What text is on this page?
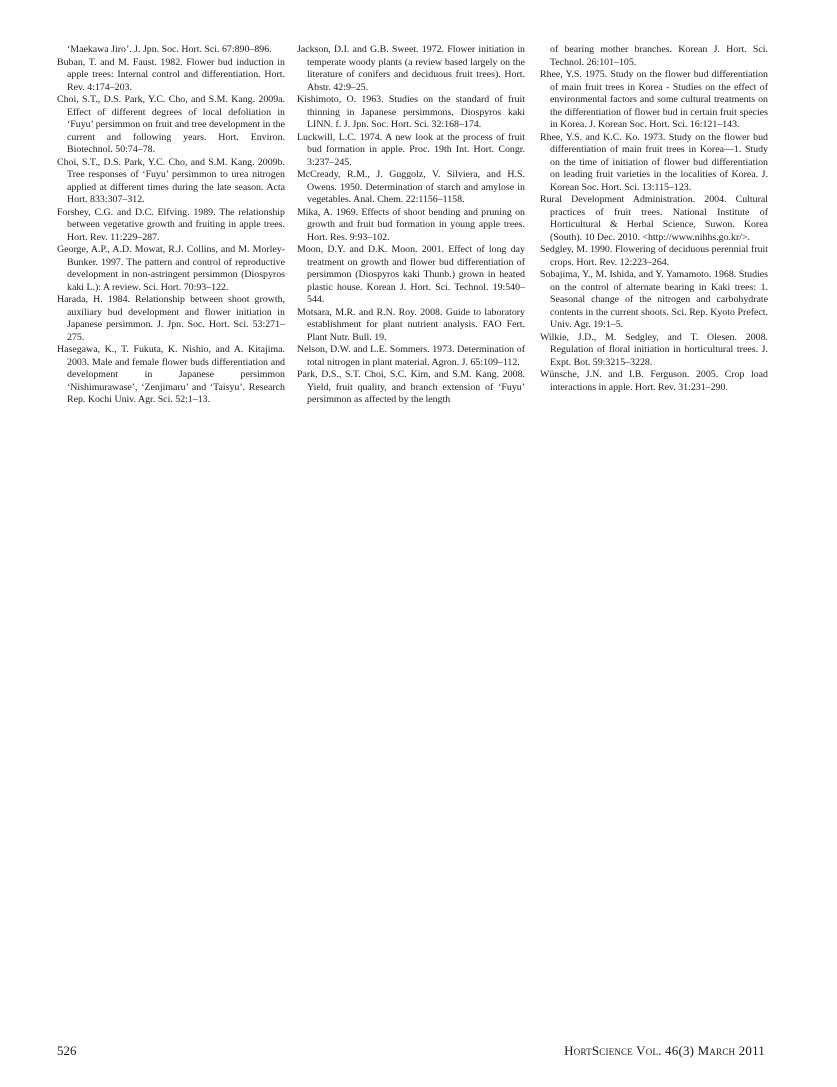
‘Maekawa Jiro’. J. Jpn. Soc. Hort. Sci. 67:890–896.

Buban, T. and M. Faust. 1982. Flower bud induction in apple trees: Internal control and differentiation. Hort. Rev. 4:174–203.

Choi, S.T., D.S. Park, Y.C. Cho, and S.M. Kang. 2009a. Effect of different degrees of local defoliation in ‘Fuyu’ persimmon on fruit and tree development in the current and following years. Hort. Environ. Biotechnol. 50:74–78.

Choi, S.T., D.S. Park, Y.C. Cho, and S.M. Kang. 2009b. Tree responses of ‘Fuyu’ persimmon to urea nitrogen applied at different times during the late season. Acta Hort. 833:307–312.

Forshey, C.G. and D.C. Elfving. 1989. The relationship between vegetative growth and fruiting in apple trees. Hort. Rev. 11:229–287.

George, A.P., A.D. Mowat, R.J. Collins, and M. Morley-Bunker. 1997. The pattern and control of reproductive development in non-astringent persimmon (Diospyros kaki L.): A review. Sci. Hort. 70:93–122.

Harada, H. 1984. Relationship between shoot growth, auxiliary bud development and flower initiation in Japanese persimmon. J. Jpn. Soc. Hort. Sci. 53:271–275.

Hasegawa, K., T. Fukuta, K. Nishio, and A. Kitajima. 2003. Male and female flower buds differentiation and development in Japanese persimmon ‘Nishimurawase’, ‘Zenjimaru’ and ‘Taisyu’. Research Rep. Kochi Univ. Agr. Sci. 52:1–13.

Jackson, D.I. and G.B. Sweet. 1972. Flower initiation in temperate woody plants (a review based largely on the literature of conifers and deciduous fruit trees). Hort. Abstr. 42:9–25.

Kishimoto, O. 1963. Studies on the standard of fruit thinning in Japanese persimmons, Diospyros kaki LINN. f. J. Jpn. Soc. Hort. Sci. 32:168–174.

Luckwill, L.C. 1974. A new look at the process of fruit bud formation in apple. Proc. 19th Int. Hort. Congr. 3:237–245.

McCready, R.M., J. Guggolz, V. Silviera, and H.S. Owens. 1950. Determination of starch and amylose in vegetables. Anal. Chem. 22:1156–1158.

Mika, A. 1969. Effects of shoot bending and pruning on growth and fruit bud formation in young apple trees. Hort. Res. 9:93–102.

Moon, D.Y. and D.K. Moon. 2001. Effect of long day treatment on growth and flower bud differentiation of persimmon (Diospyros kaki Thunb.) grown in heated plastic house. Korean J. Hort. Sci. Technol. 19:540–544.

Motsara, M.R. and R.N. Roy. 2008. Guide to laboratory establishment for plant nutrient analysis. FAO Fert. Plant Nutr. Bull. 19.

Nelson, D.W. and L.E. Sommers. 1973. Determination of total nitrogen in plant material. Agron. J. 65:109–112.

Park, D.S., S.T. Choi, S.C. Kim, and S.M. Kang. 2008. Yield, fruit quality, and branch extension of ‘Fuyu’ persimmon as affected by the length

of bearing mother branches. Korean J. Hort. Sci. Technol. 26:101–105.

Rhee, Y.S. 1975. Study on the flower bud differentiation of main fruit trees in Korea - Studies on the effect of environmental factors and some cultural treatments on the differentiation of flower bud in certain fruit species in Korea. J. Korean Soc. Hort. Sci. 16:121–143.

Rhee, Y.S. and K.C. Ko. 1973. Study on the flower bud differentiation of main fruit trees in Korea—1. Study on the time of initiation of flower bud differentiation on leading fruit varieties in the localities of Korea. J. Korean Soc. Hort. Sci. 13:115–123.

Rural Development Administration. 2004. Cultural practices of fruit trees. National Institute of Horticultural & Herbal Science, Suwon. Korea (South). 10 Dec. 2010. <http://www.nihhs.go.kr/>.

Sedgley, M. 1990. Flowering of deciduous perennial fruit crops. Hort. Rev. 12:223–264.

Sobajima, Y., M. Ishida, and Y. Yamamoto. 1968. Studies on the control of alternate bearing in Kaki trees: 1. Seasonal change of the nitrogen and carbohydrate contents in the current shoots. Sci. Rep. Kyoto Prefect. Univ. Agr. 19:1–5.

Wilkie, J.D., M. Sedgley, and T. Olesen. 2008. Regulation of floral initiation in horticultural trees. J. Expt. Bot. 59:3215–3228.

Wünsche, J.N. and I.B. Ferguson. 2005. Crop load interactions in apple. Hort. Rev. 31:231–290.

526	HortScience Vol. 46(3) March 2011
